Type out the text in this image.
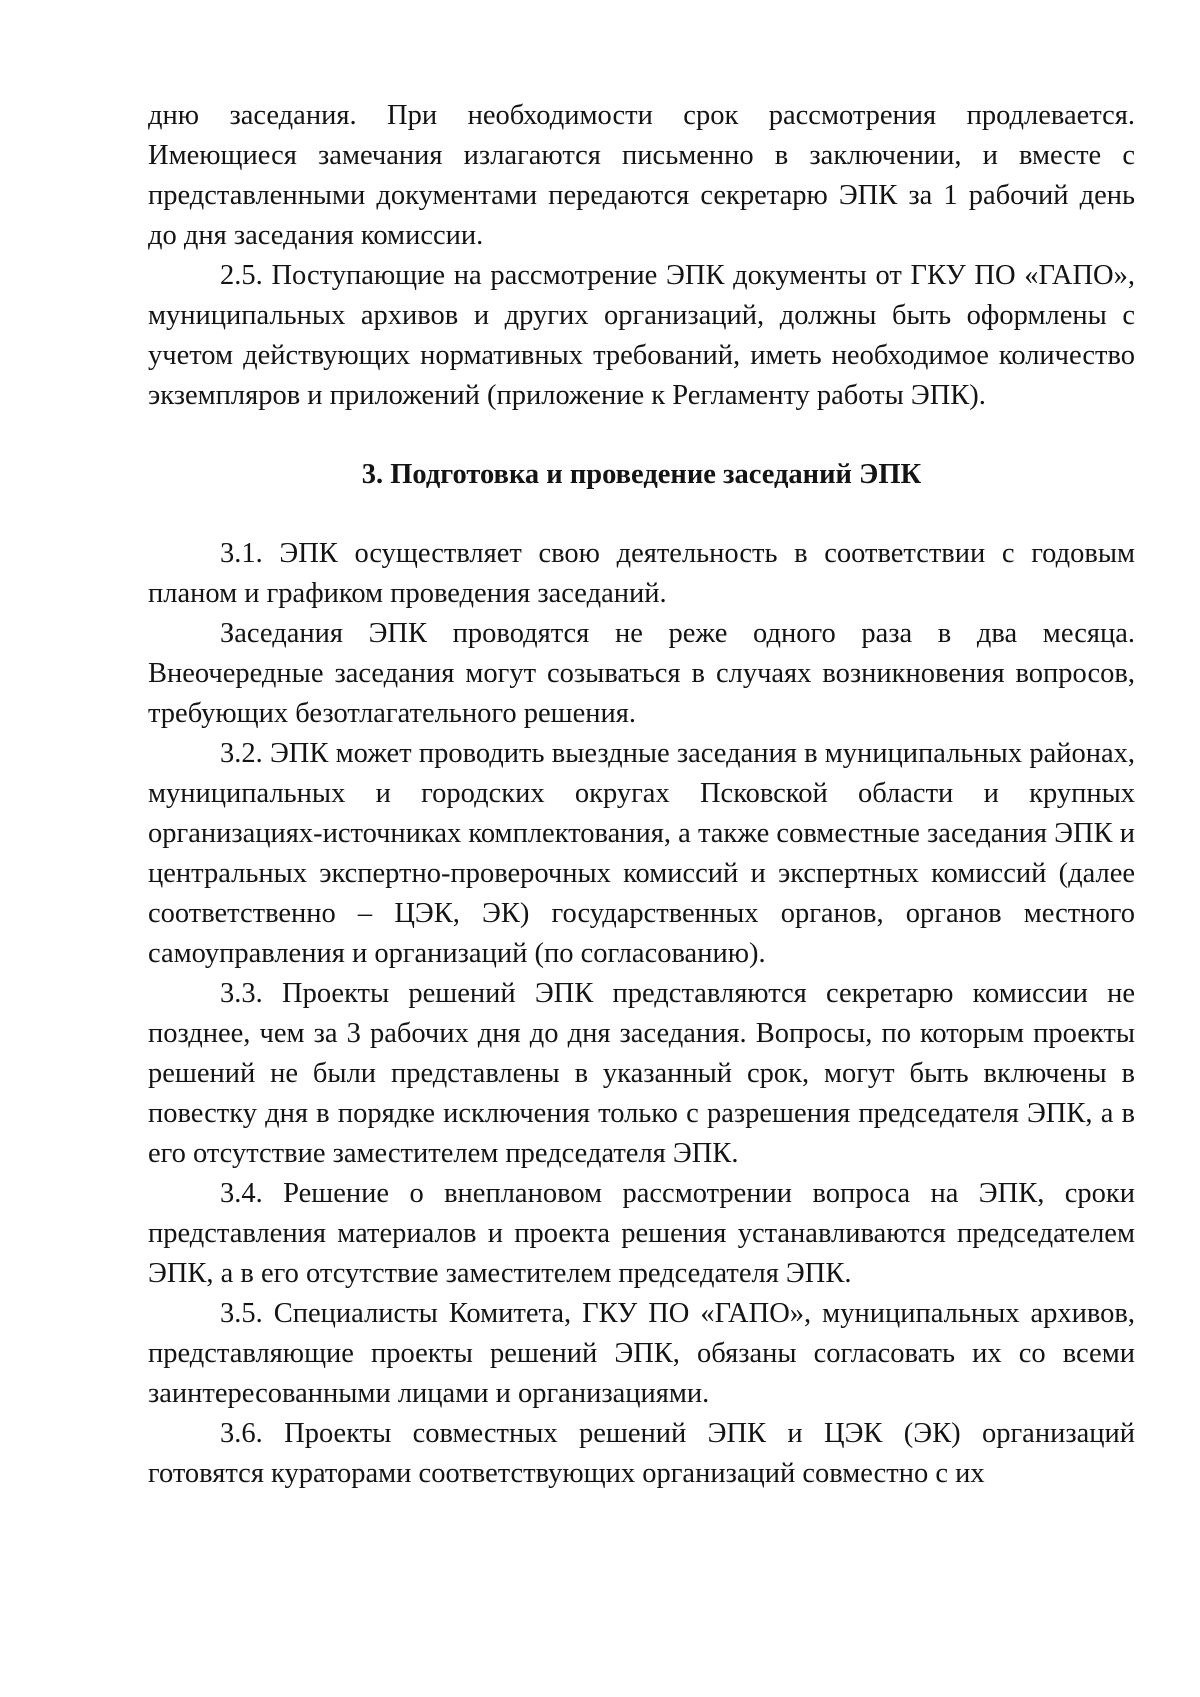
дню заседания. При необходимости срок рассмотрения продлевается. Имеющиеся замечания излагаются письменно в заключении, и вместе с представленными документами передаются секретарю ЭПК за 1 рабочий день до дня заседания комиссии.

2.5. Поступающие на рассмотрение ЭПК документы от ГКУ ПО «ГАПО», муниципальных архивов и других организаций, должны быть оформлены с учетом действующих нормативных требований, иметь необходимое количество экземпляров и приложений (приложение к Регламенту работы ЭПК).

3. Подготовка и проведение заседаний ЭПК

3.1. ЭПК осуществляет свою деятельность в соответствии с годовым планом и графиком проведения заседаний.

Заседания ЭПК проводятся не реже одного раза в два месяца. Внеочередные заседания могут созываться в случаях возникновения вопросов, требующих безотлагательного решения.

3.2. ЭПК может проводить выездные заседания в муниципальных районах, муниципальных и городских округах Псковской области и крупных организациях-источниках комплектования, а также совместные заседания ЭПК и центральных экспертно-проверочных комиссий и экспертных комиссий (далее соответственно – ЦЭК, ЭК) государственных органов, органов местного самоуправления и организаций (по согласованию).

3.3. Проекты решений ЭПК представляются секретарю комиссии не позднее, чем за 3 рабочих дня до дня заседания. Вопросы, по которым проекты решений не были представлены в указанный срок, могут быть включены в повестку дня в порядке исключения только с разрешения председателя ЭПК, а в его отсутствие заместителем председателя ЭПК.

3.4. Решение о внеплановом рассмотрении вопроса на ЭПК, сроки представления материалов и проекта решения устанавливаются председателем ЭПК, а в его отсутствие заместителем председателя ЭПК.

3.5. Специалисты Комитета, ГКУ ПО «ГАПО», муниципальных архивов, представляющие проекты решений ЭПК, обязаны согласовать их со всеми заинтересованными лицами и организациями.

3.6. Проекты совместных решений ЭПК и ЦЭК (ЭК) организаций готовятся кураторами соответствующих организаций совместно с их
